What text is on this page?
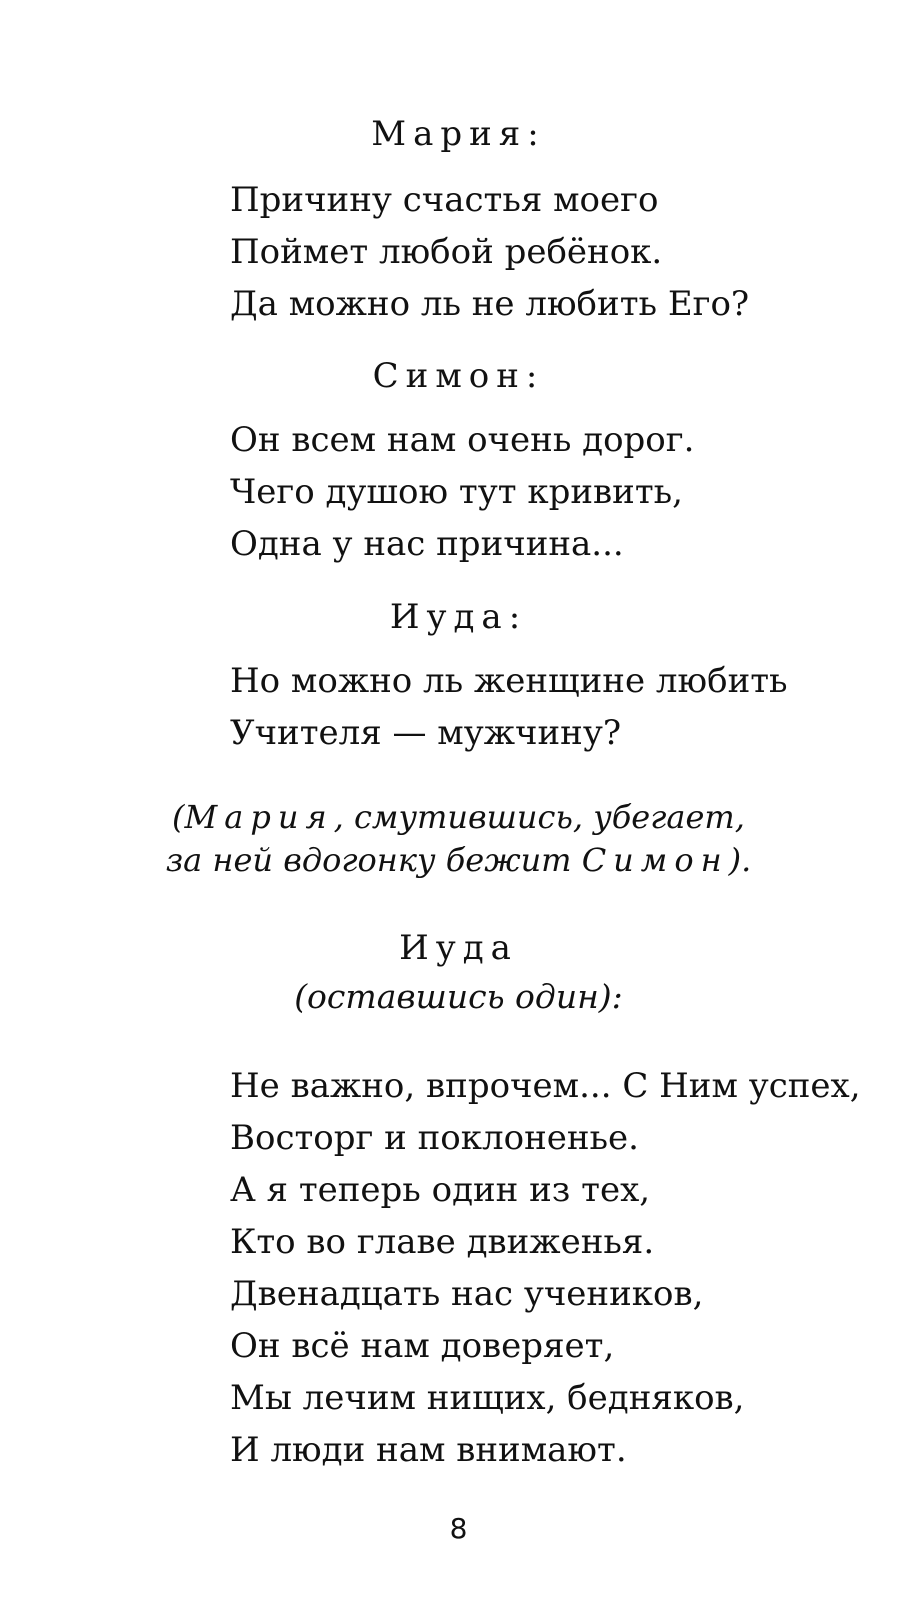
Мария:
Причину счастья моего
Поймет любой ребёнок.
Да можно ль не любить Его?
Симон:
Он всем нам очень дорог.
Чего душою тут кривить,
Одна у нас причина...
Иуда:
Но можно ль женщине любить
Учителя — мужчину?
(Мария, смутившись, убегает,
за ней вдогонку бежит Симон).
Иуда
(оставшись один):
Не важно, впрочем... С Ним успех,
Восторг и поклоненье.
А я теперь один из тех,
Кто во главе движенья.
Двенадцать нас учеников,
Он всё нам доверяет,
Мы лечим нищих, бедняков,
И люди нам внимают.
8
